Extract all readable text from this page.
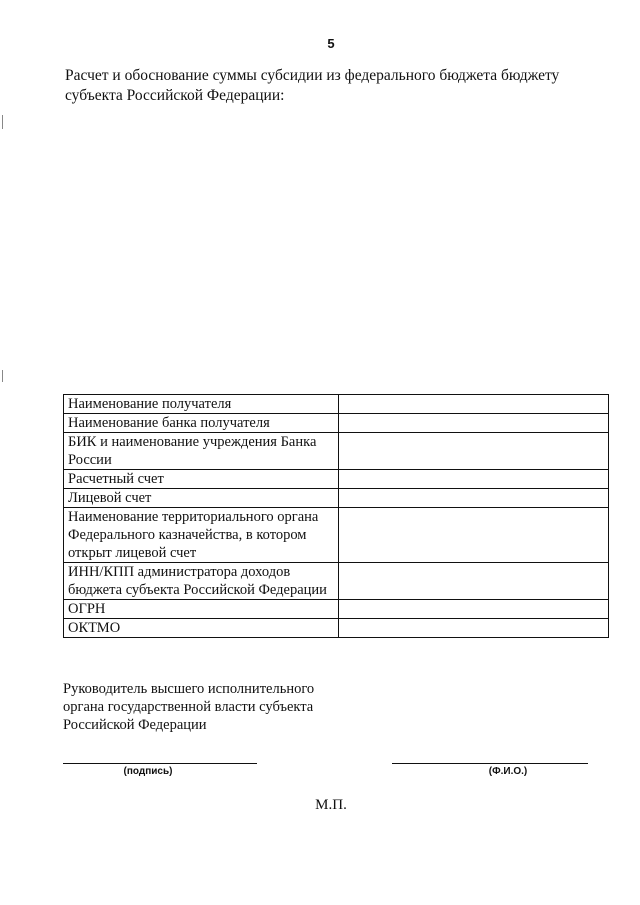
5

Расчет и обоснование суммы субсидии из федерального бюджета бюджету субъекта Российской Федерации:

Наименование получателя	
Наименование банка получателя	
БИК и наименование учреждения Банка России	
Расчетный счет	
Лицевой счет	
Наименование территориального органа Федерального казначейства, в котором открыт лицевой счет	
ИНН/КПП администратора доходов бюджета субъекта Российской Федерации	
ОГРН	
ОКТМО	
Руководитель высшего исполнительного органа государственной власти субъекта Российской Федерации
(подпись)	(Ф.И.О.)
М.П.
